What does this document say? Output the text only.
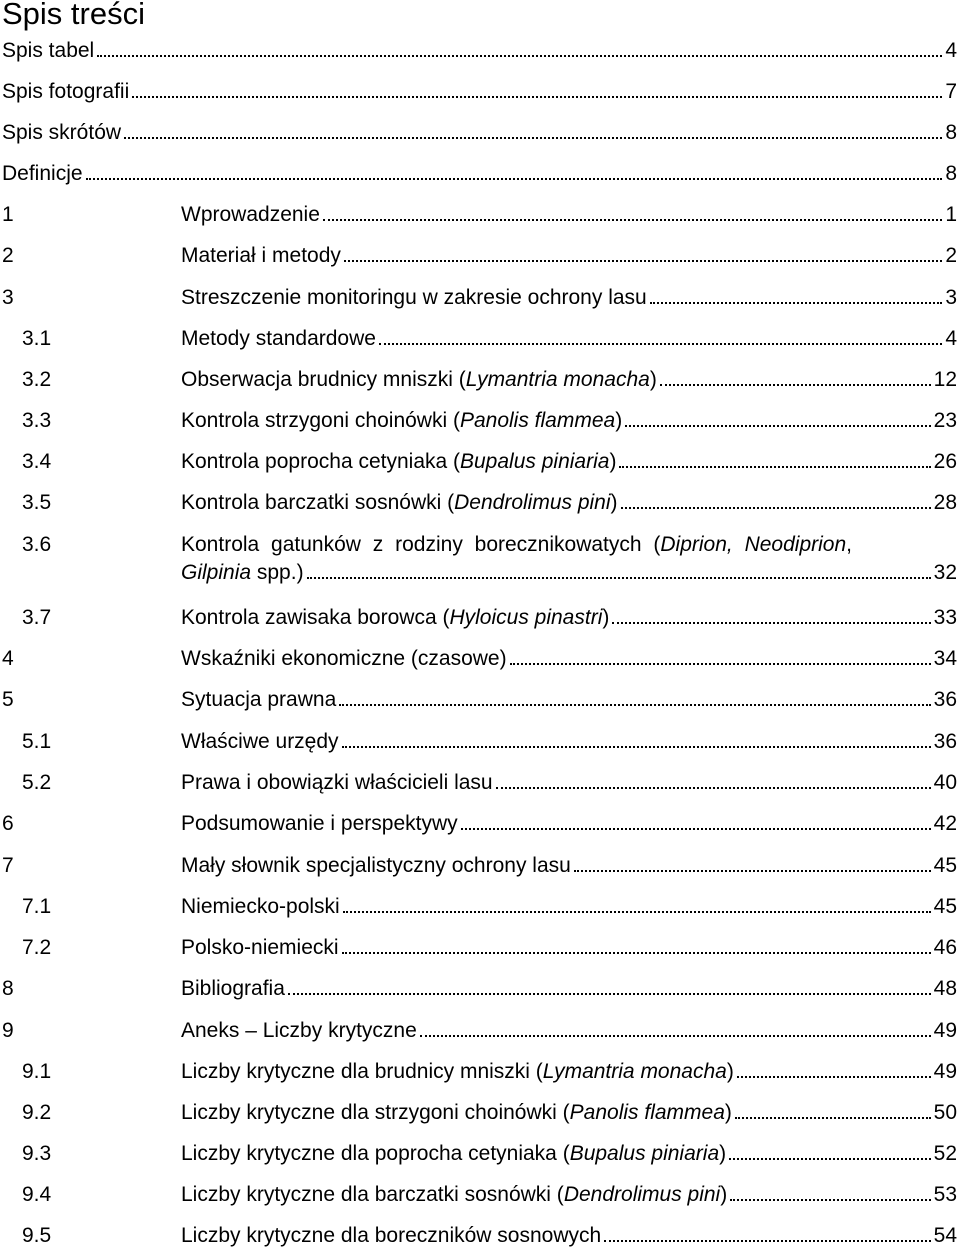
Spis treści
Spis tabel	4
Spis fotografii	7
Spis skrótów	8
Definicje	8
1	Wprowadzenie	1
2	Materiał i metody	2
3	Streszczenie monitoringu w zakresie ochrony lasu	3
3.1	Metody standardowe	4
3.2	Obserwacja brudnicy mniszki (Lymantria monacha)	12
3.3	Kontrola strzygoni choinówki (Panolis flammea)	23
3.4	Kontrola poprocha cetyniaka (Bupalus piniaria)	26
3.5	Kontrola barczatki sosnówki (Dendrolimus pini)	28
3.6	Kontrola gatunków z rodziny borecznikowatych (Diprion, Neodiprion,
Gilpinia spp.)	32
3.7	Kontrola zawisaka borowca (Hyloicus pinastri)	33
4	Wskaźniki ekonomiczne (czasowe)	34
5	Sytuacja prawna	36
5.1	Właściwe urzędy	36
5.2	Prawa i obowiązki właścicieli lasu	40
6	Podsumowanie i perspektywy	42
7	Mały słownik specjalistyczny ochrony lasu	45
7.1	Niemiecko-polski	45
7.2	Polsko-niemiecki	46
8	Bibliografia	48
9	Aneks – Liczby krytyczne	49
9.1	Liczby krytyczne dla brudnicy mniszki (Lymantria monacha)	49
9.2	Liczby krytyczne dla strzygoni choinówki (Panolis flammea)	50
9.3	Liczby krytyczne dla poprocha cetyniaka (Bupalus piniaria)	52
9.4	Liczby krytyczne dla barczatki sosnówki (Dendrolimus pini)	53
9.5	Liczby krytyczne dla boreczników sosnowych	54
